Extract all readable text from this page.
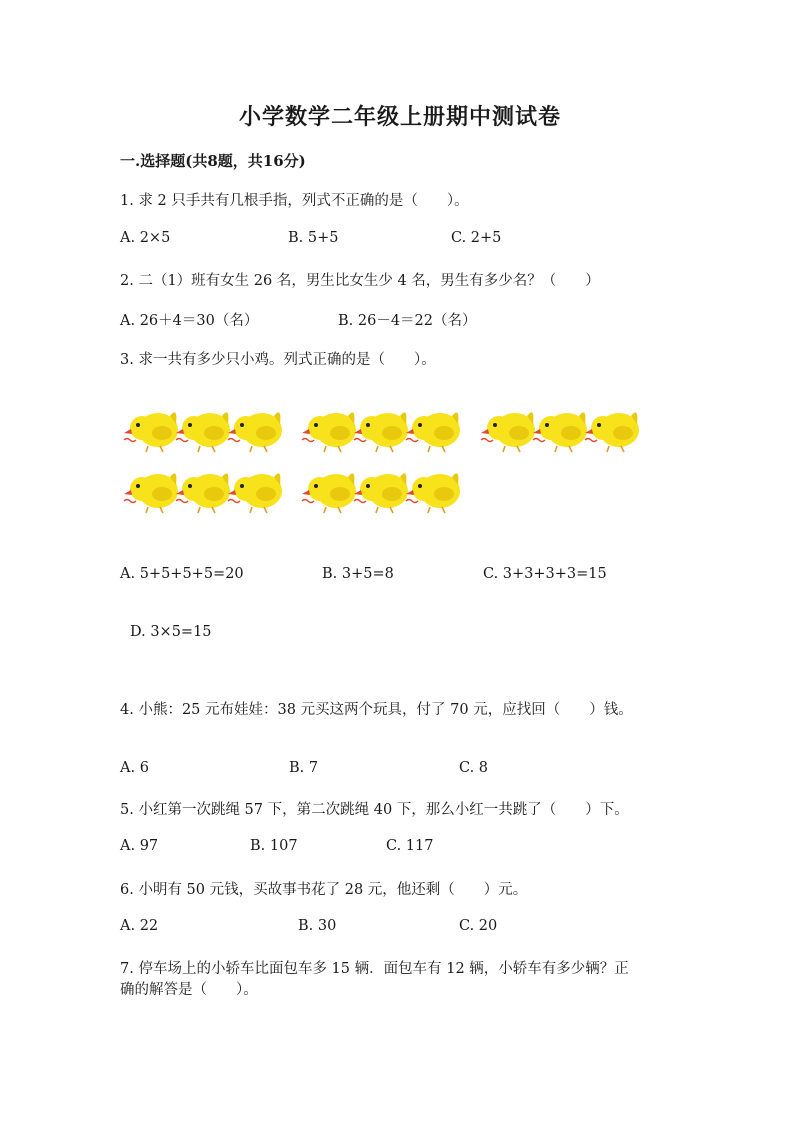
小学数学二年级上册期中测试卷
一.选择题(共8题，共16分)
1. 求 2 只手共有几根手指，列式不正确的是（　　）。
A. 2×5	B. 5+5	C. 2+5
2. 二（1）班有女生 26 名，男生比女生少 4 名，男生有多少名？（　　）
A. 26＋4＝30（名）	B. 26－4＝22（名）
3. 求一共有多少只小鸡。列式正确的是（　　）。
A. 5+5+5+5=20	B. 3+5=8	C. 3+3+3+3=15
D. 3×5=15
4. 小熊：25 元布娃娃：38 元买这两个玩具，付了 70 元，应找回（　　）钱。
A. 6	B. 7	C. 8
5. 小红第一次跳绳 57 下，第二次跳绳 40 下，那么小红一共跳了（　　）下。
A. 97	B. 107	C. 117
6. 小明有 50 元钱，买故事书花了 28 元，他还剩（　　）元。
A. 22	B. 30	C. 20
7. 停车场上的小轿车比面包车多 15 辆．面包车有 12 辆，小轿车有多少辆？正
确的解答是（　　）。
